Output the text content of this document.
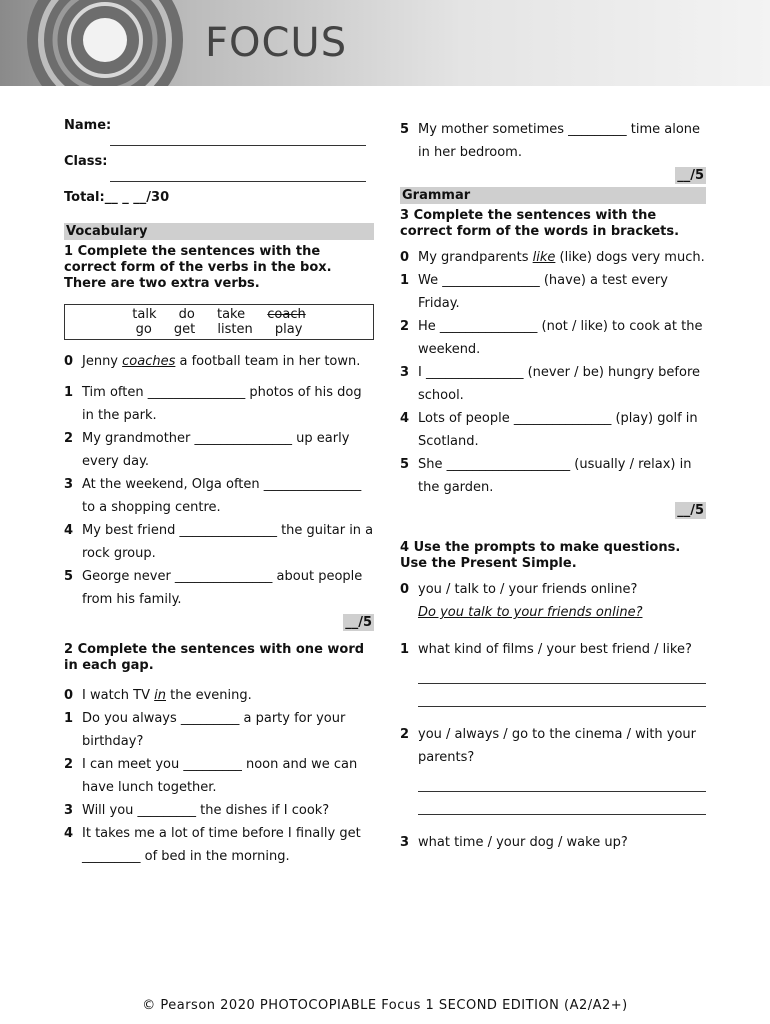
FOCUS
Name:
Class:
Total:__ _ __/30
Vocabulary
1 Complete the sentences with the correct form of the verbs in the box. There are two extra verbs.
talk do take coach
go get listen play
0 Jenny coaches a football team in her town.
1 Tim often _______________ photos of his dog in the park.
2 My grandmother _______________ up early every day.
3 At the weekend, Olga often _______________ to a shopping centre.
4 My best friend _______________ the guitar in a rock group.
5 George never _______________ about people from his family.
__/5
2 Complete the sentences with one word in each gap.
0 I watch TV in the evening.
1 Do you always _________ a party for your birthday?
2 I can meet you _________ noon and we can have lunch together.
3 Will you _________ the dishes if I cook?
4 It takes me a lot of time before I finally get _________ of bed in the morning.
5 My mother sometimes _________ time alone in her bedroom.
__/5
Grammar
3 Complete the sentences with the correct form of the words in brackets.
0 My grandparents like (like) dogs very much.
1 We _______________ (have) a test every Friday.
2 He _______________ (not / like) to cook at the weekend.
3 I _______________ (never / be) hungry before school.
4 Lots of people _______________ (play) golf in Scotland.
5 She ___________________ (usually / relax) in the garden.
__/5
4 Use the prompts to make questions. Use the Present Simple.
0 you / talk to / your friends online?
Do you talk to your friends online?
1 what kind of films / your best friend / like?
2 you / always / go to the cinema / with your parents?
3 what time / your dog / wake up?
© Pearson 2020 PHOTOCOPIABLE Focus 1 SECOND EDITION (A2/A2+)
